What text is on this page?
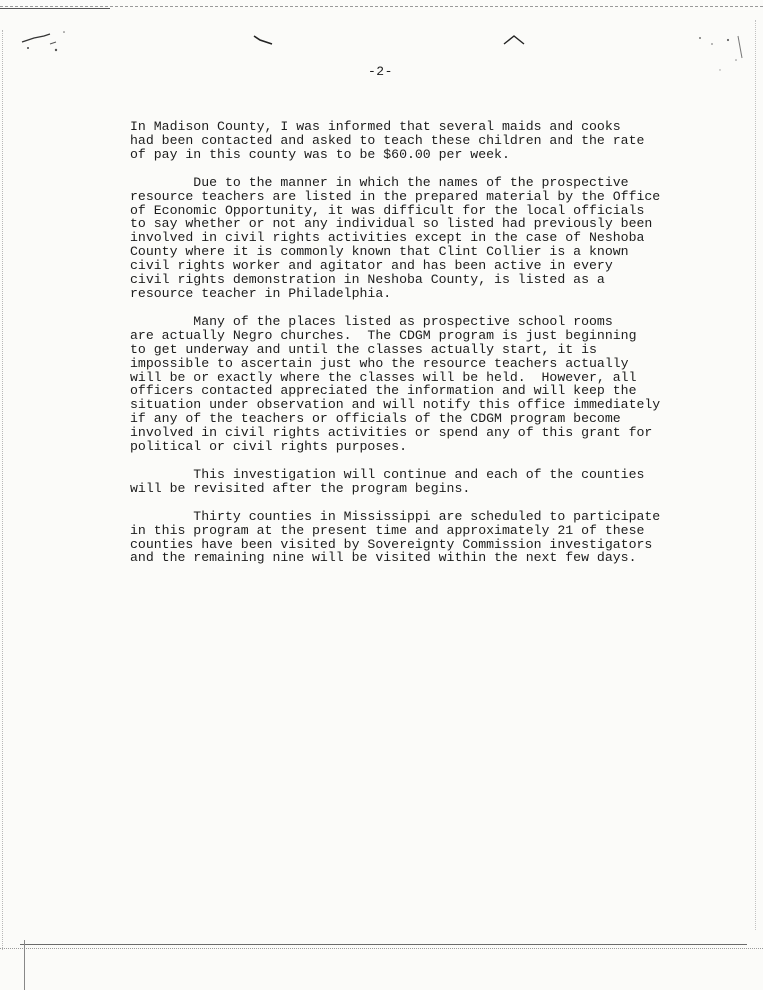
-2-

In Madison County, I was informed that several maids and cooks
had been contacted and asked to teach these children and the rate
of pay in this county was to be $60.00 per week.

Due to the manner in which the names of the prospective
resource teachers are listed in the prepared material by the Office
of Economic Opportunity, it was difficult for the local officials
to say whether or not any individual so listed had previously been
involved in civil rights activities except in the case of Neshoba
County where it is commonly known that Clint Collier is a known
civil rights worker and agitator and has been active in every
civil rights demonstration in Neshoba County, is listed as a
resource teacher in Philadelphia.

Many of the places listed as prospective school rooms
are actually Negro churches.  The CDGM program is just beginning
to get underway and until the classes actually start, it is
impossible to ascertain just who the resource teachers actually
will be or exactly where the classes will be held.  However, all
officers contacted appreciated the information and will keep the
situation under observation and will notify this office immediately
if any of the teachers or officials of the CDGM program become
involved in civil rights activities or spend any of this grant for
political or civil rights purposes.

This investigation will continue and each of the counties
will be revisited after the program begins.

Thirty counties in Mississippi are scheduled to participate
in this program at the present time and approximately 21 of these
counties have been visited by Sovereignty Commission investigators
and the remaining nine will be visited within the next few days.
